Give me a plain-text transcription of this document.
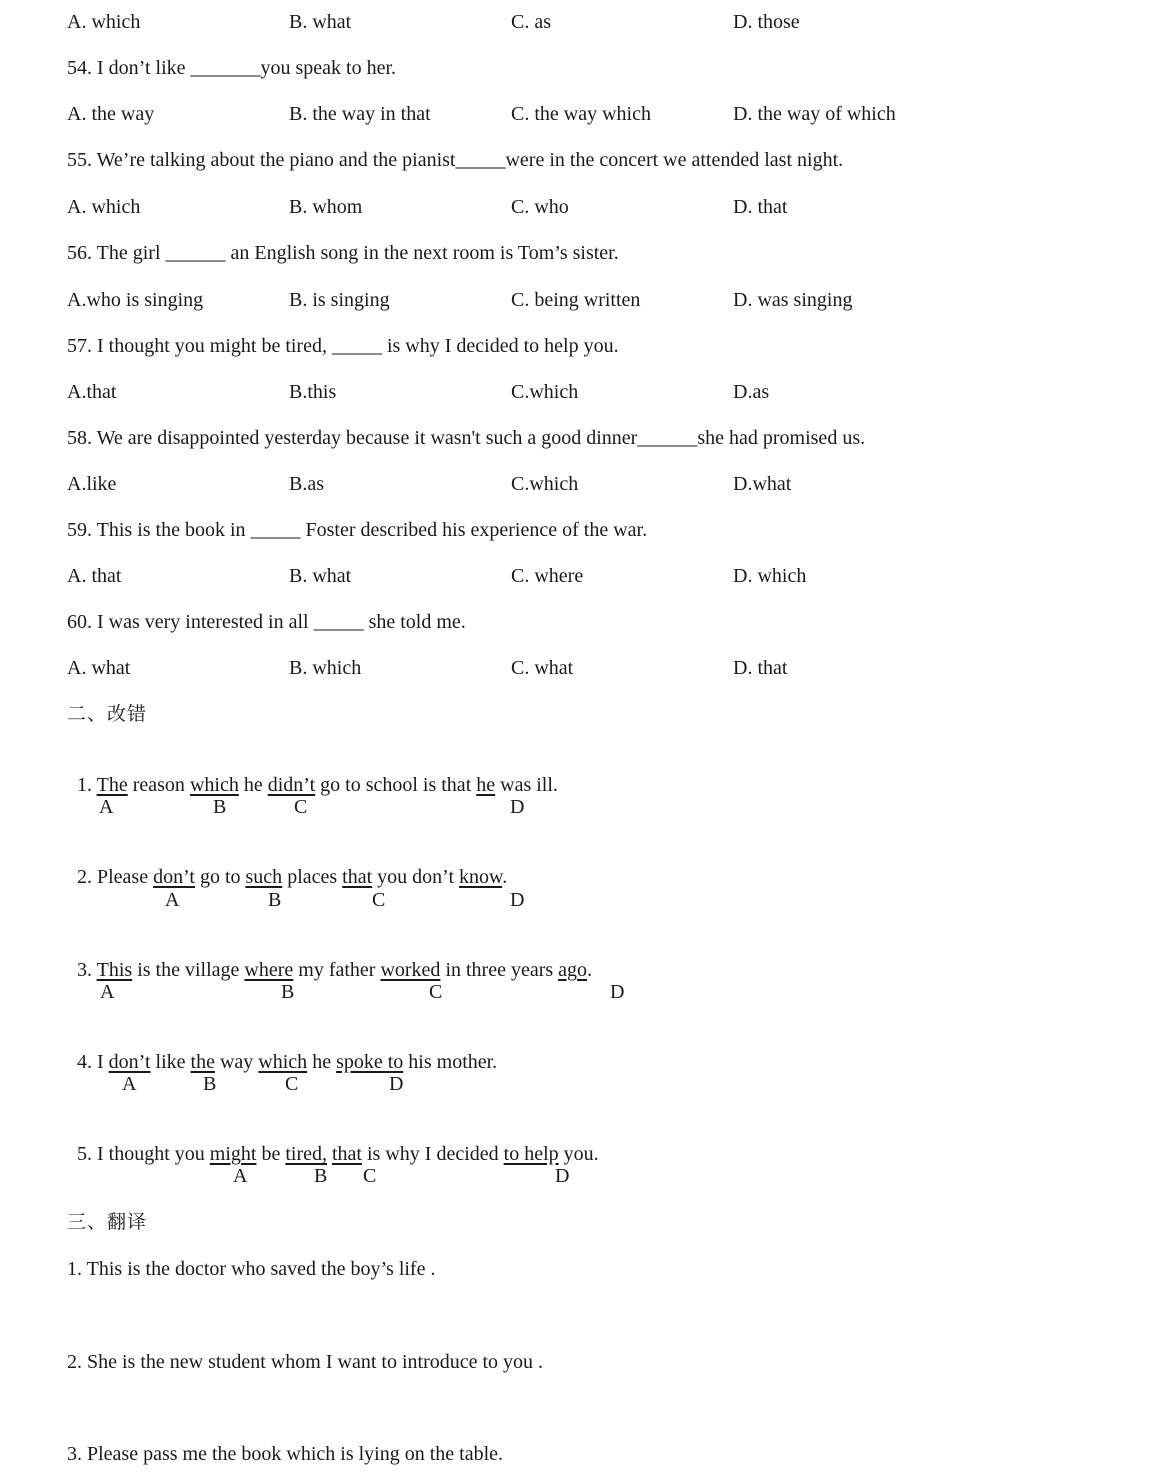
A. which	B. what	C. as	D. those
54. I don’t like _______you speak to her.
A. the way	B. the way in that	C. the way which	D. the way of which
55. We’re talking about the piano and the pianist_____were in the concert we attended last night.
A. which	B. whom	C. who	D. that
56. The girl ______ an English song in the next room is Tom’s sister.
A.who is singing	B. is singing	C. being written	D. was singing
57. I thought you might be tired, _____ is why I decided to help you.
A.that	B.this	C.which	D.as
58. We are disappointed yesterday because it wasn't such a good dinner______she had promised us.
A.like	B.as	C.which	D.what
59. This is the book in _____ Foster described his experience of the war.
A. that	B. what	C. where	D. which
60. I was very interested in all _____ she told me.
A. what	B. which	C. what	D. that
二、改错

1. The reason which he didn’t go to school is that he was ill.

A	B	C	D

2. Please don’t go to such places that you don’t know.

A	B	C	D

3. This is the village where my father worked in three years ago.

A	B	C	D

4. I don’t like the way which he spoke to his mother.

A	B	C	D

5. I thought you might be tired, that is why I decided to help you.

A	B C	D
三、翻译
1. This is the doctor who saved the boy’s life .
2. She is the new student whom I want to introduce to you .
3. Please pass me the book which is lying on the table.
